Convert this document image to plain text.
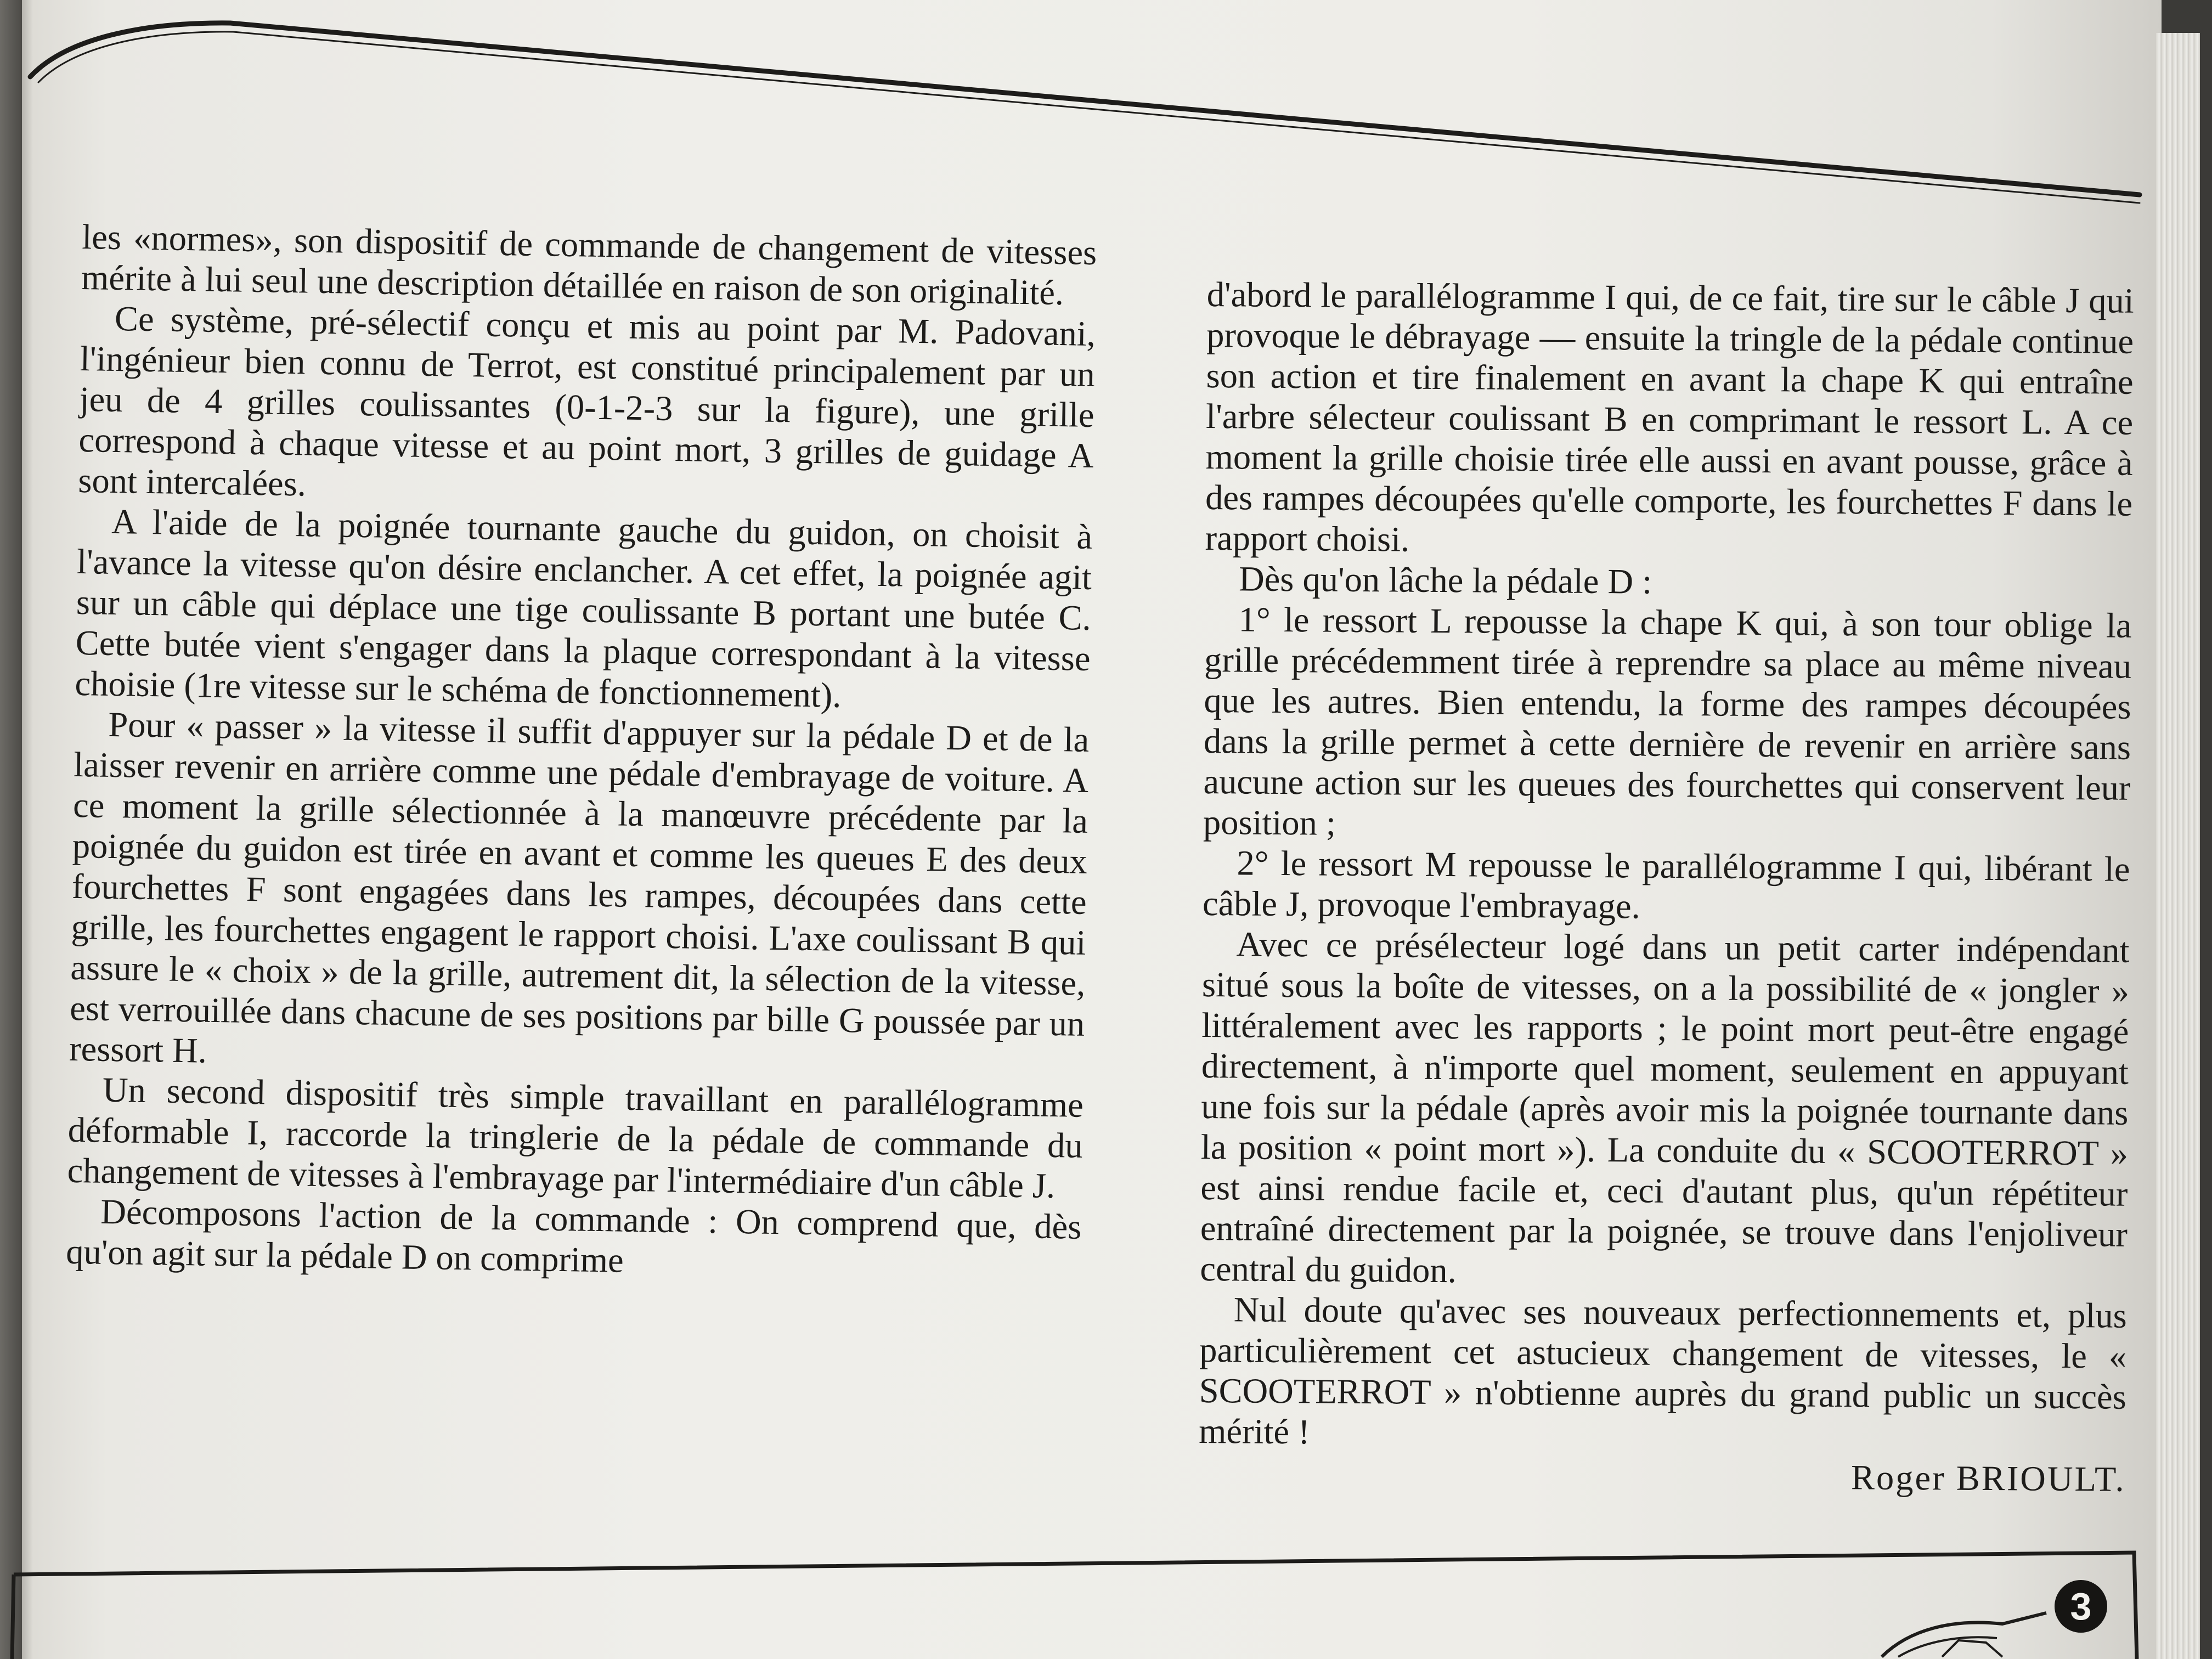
les «normes», son dispositif de commande de changement de vitesses mérite à lui seul une description détaillée en raison de son originalité.

Ce système, pré-sélectif conçu et mis au point par M. Padovani, l'ingénieur bien connu de Terrot, est constitué principalement par un jeu de 4 grilles coulissantes (0-1-2-3 sur la figure), une grille correspond à chaque vitesse et au point mort, 3 grilles de guidage A sont intercalées.

A l'aide de la poignée tournante gauche du guidon, on choisit à l'avance la vitesse qu'on désire enclancher. A cet effet, la poignée agit sur un câble qui déplace une tige coulissante B portant une butée C. Cette butée vient s'engager dans la plaque correspondant à la vitesse choisie (1re vitesse sur le schéma de fonctionnement).

Pour « passer » la vitesse il suffit d'appuyer sur la pédale D et de la laisser revenir en arrière comme une pédale d'embrayage de voiture. A ce moment la grille sélectionnée à la manœuvre précédente par la poignée du guidon est tirée en avant et comme les queues E des deux fourchettes F sont engagées dans les rampes, découpées dans cette grille, les fourchettes engagent le rapport choisi. L'axe coulissant B qui assure le « choix » de la grille, autrement dit, la sélection de la vitesse, est verrouillée dans chacune de ses positions par bille G poussée par un ressort H.

Un second dispositif très simple travaillant en parallélogramme déformable I, raccorde la tringlerie de la pédale de commande du changement de vitesses à l'embrayage par l'intermédiaire d'un câble J.

Décomposons l'action de la commande : On comprend que, dès qu'on agit sur la pédale D on comprime

d'abord le parallélogramme I qui, de ce fait, tire sur le câble J qui provoque le débrayage — ensuite la tringle de la pédale continue son action et tire finalement en avant la chape K qui entraîne l'arbre sélecteur coulissant B en comprimant le ressort L. A ce moment la grille choisie tirée elle aussi en avant pousse, grâce à des rampes découpées qu'elle comporte, les fourchettes F dans le rapport choisi.

Dès qu'on lâche la pédale D :

1° le ressort L repousse la chape K qui, à son tour oblige la grille précédemment tirée à reprendre sa place au même niveau que les autres. Bien entendu, la forme des rampes découpées dans la grille permet à cette dernière de revenir en arrière sans aucune action sur les queues des fourchettes qui conservent leur position ;

2° le ressort M repousse le parallélogramme I qui, libérant le câble J, provoque l'embrayage.

Avec ce présélecteur logé dans un petit carter indépendant situé sous la boîte de vitesses, on a la possibilité de « jongler » littéralement avec les rapports ; le point mort peut-être engagé directement, à n'importe quel moment, seulement en appuyant une fois sur la pédale (après avoir mis la poignée tournante dans la position « point mort »). La conduite du « SCOOTERROT » est ainsi rendue facile et, ceci d'autant plus, qu'un répétiteur entraîné directement par la poignée, se trouve dans l'enjoliveur central du guidon.

Nul doute qu'avec ses nouveaux perfectionnements et, plus particulièrement cet astucieux changement de vitesses, le « SCOOTERROT » n'obtienne auprès du grand public un succès mérité !

Roger BRIOULT.

3
